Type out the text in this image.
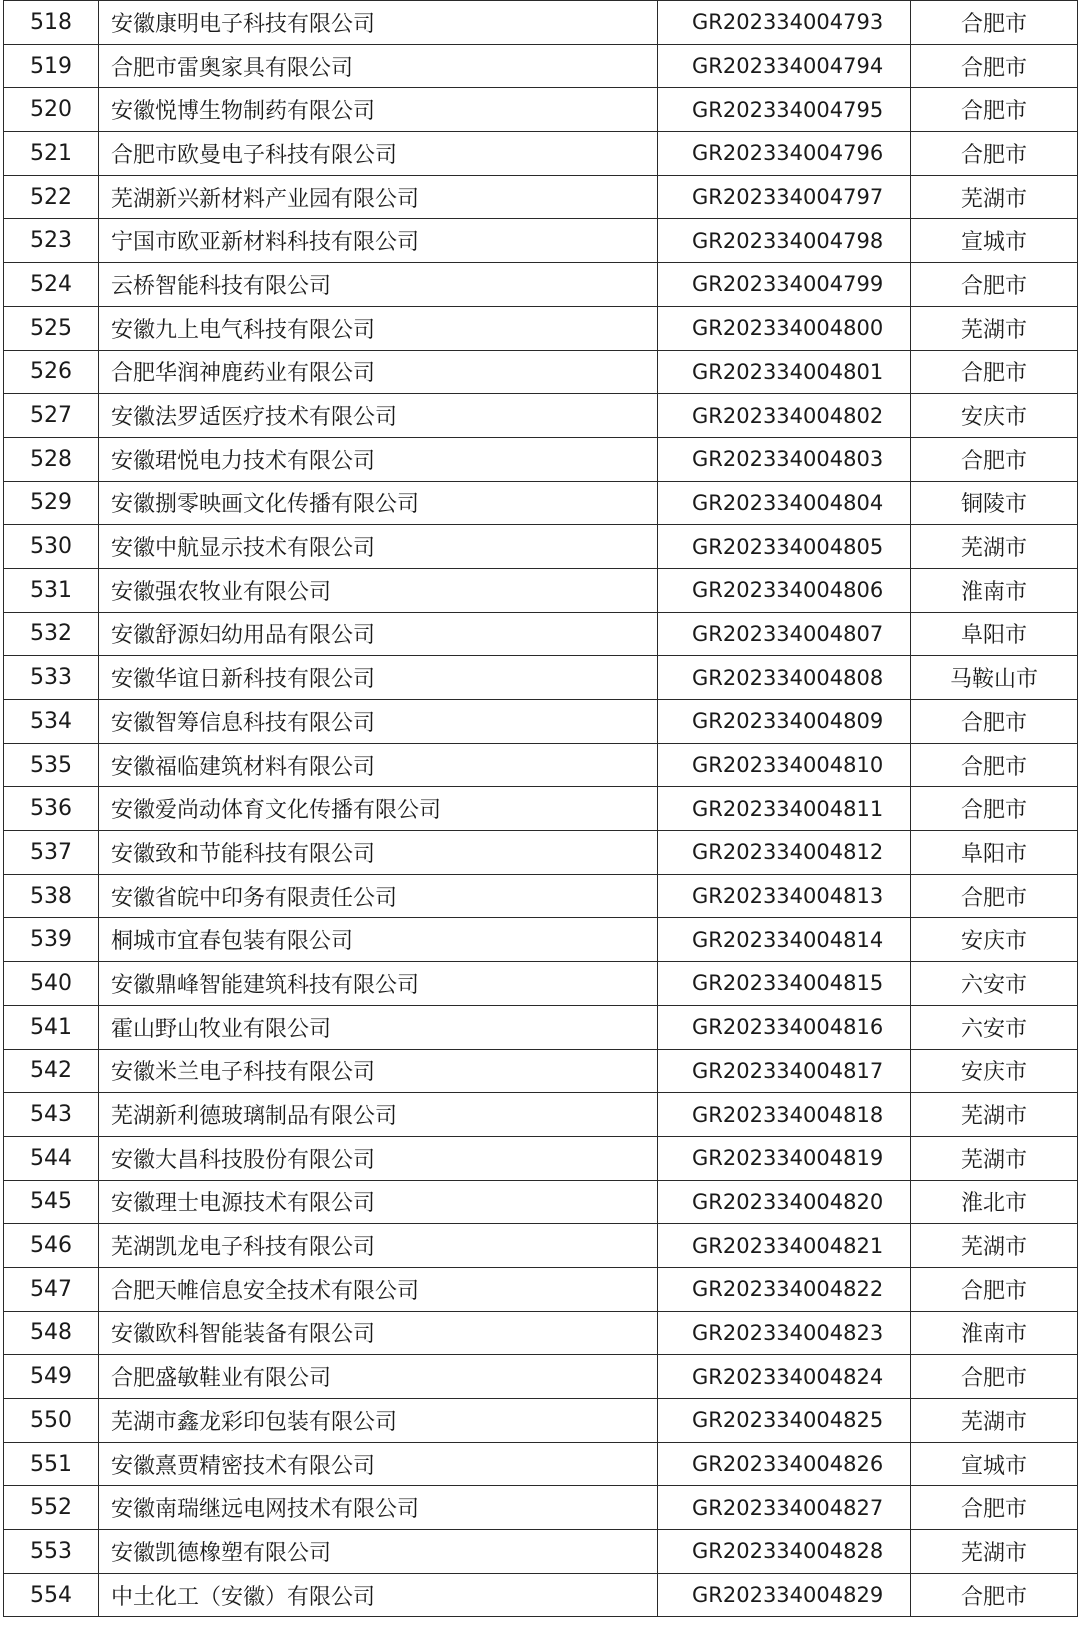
518	安徽康明电子科技有限公司	GR202334004793	合肥市
519	合肥市雷奥家具有限公司	GR202334004794	合肥市
520	安徽悦博生物制药有限公司	GR202334004795	合肥市
521	合肥市欧曼电子科技有限公司	GR202334004796	合肥市
522	芜湖新兴新材料产业园有限公司	GR202334004797	芜湖市
523	宁国市欧亚新材料科技有限公司	GR202334004798	宣城市
524	云桥智能科技有限公司	GR202334004799	合肥市
525	安徽九上电气科技有限公司	GR202334004800	芜湖市
526	合肥华润神鹿药业有限公司	GR202334004801	合肥市
527	安徽法罗适医疗技术有限公司	GR202334004802	安庆市
528	安徽珺悦电力技术有限公司	GR202334004803	合肥市
529	安徽捌零映画文化传播有限公司	GR202334004804	铜陵市
530	安徽中航显示技术有限公司	GR202334004805	芜湖市
531	安徽强农牧业有限公司	GR202334004806	淮南市
532	安徽舒源妇幼用品有限公司	GR202334004807	阜阳市
533	安徽华谊日新科技有限公司	GR202334004808	马鞍山市
534	安徽智筹信息科技有限公司	GR202334004809	合肥市
535	安徽福临建筑材料有限公司	GR202334004810	合肥市
536	安徽爱尚动体育文化传播有限公司	GR202334004811	合肥市
537	安徽致和节能科技有限公司	GR202334004812	阜阳市
538	安徽省皖中印务有限责任公司	GR202334004813	合肥市
539	桐城市宜春包装有限公司	GR202334004814	安庆市
540	安徽鼎峰智能建筑科技有限公司	GR202334004815	六安市
541	霍山野山牧业有限公司	GR202334004816	六安市
542	安徽米兰电子科技有限公司	GR202334004817	安庆市
543	芜湖新利德玻璃制品有限公司	GR202334004818	芜湖市
544	安徽大昌科技股份有限公司	GR202334004819	芜湖市
545	安徽理士电源技术有限公司	GR202334004820	淮北市
546	芜湖凯龙电子科技有限公司	GR202334004821	芜湖市
547	合肥天帷信息安全技术有限公司	GR202334004822	合肥市
548	安徽欧科智能装备有限公司	GR202334004823	淮南市
549	合肥盛敏鞋业有限公司	GR202334004824	合肥市
550	芜湖市鑫龙彩印包装有限公司	GR202334004825	芜湖市
551	安徽熹贾精密技术有限公司	GR202334004826	宣城市
552	安徽南瑞继远电网技术有限公司	GR202334004827	合肥市
553	安徽凯德橡塑有限公司	GR202334004828	芜湖市
554	中土化工（安徽）有限公司	GR202334004829	合肥市
